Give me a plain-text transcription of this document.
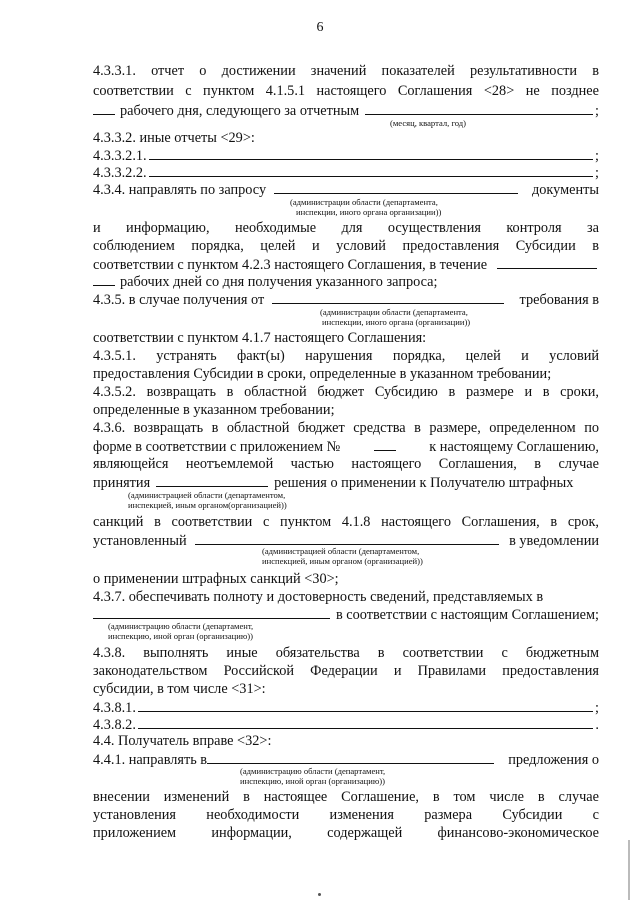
6
4.3.3.1. отчет о достижении значений показателей результативности в
соответствии с пунктом 4.1.5.1 настоящего Соглашения <28> не позднее
рабочего дня, следующего за отчетным	;
(месяц, квартал, год)
4.3.3.2. иные отчеты <29>:
4.3.3.2.1.	;
4.3.3.2.2.	;
4.3.4. направлять по запросу	документы
(администрации области (департамента,
инспекции, иного органа организации))
и информацию, необходимые для осуществления контроля за
соблюдением порядка, целей и условий предоставления Субсидии в
соответствии с пунктом 4.2.3 настоящего Соглашения, в течение
рабочих дней со дня получения указанного запроса;
4.3.5. в случае получения от	требования в
(администрации области (департамента,
инспекции, иного органа (организации))
соответствии с пунктом 4.1.7 настоящего Соглашения:
4.3.5.1. устранять факт(ы) нарушения порядка, целей и условий
предоставления Субсидии в сроки, определенные в указанном требовании;
4.3.5.2. возвращать в областной бюджет Субсидию в размере и в сроки,
определенные в указанном требовании;
4.3.6. возвращать в областной бюджет средства в размере, определенном по
форме в соответствии с приложением №	к настоящему Соглашению,
являющейся неотъемлемой частью настоящего Соглашения, в случае
принятия	решения о применении к Получателю штрафных
(администрацией области (департаментом,
инспекцией, иным органом(организацией))
санкций в соответствии с пунктом 4.1.8 настоящего Соглашения, в срок,
установленный	в уведомлении
(администрацией области (департаментом,
инспекцией, иным органом (организацией))
о применении штрафных санкций <30>;
4.3.7. обеспечивать полноту и достоверность сведений, представляемых в
в соответствии с настоящим Соглашением;
(администрацию области (департамент,
инспекцию, иной орган (организацию))
4.3.8. выполнять иные обязательства в соответствии с бюджетным
законодательством Российской Федерации и Правилами предоставления
субсидии, в том числе <31>:
4.3.8.1.	;
4.3.8.2.	.
4.4. Получатель вправе <32>:
4.4.1. направлять в	предложения о
(администрацию области (департамент,
инспекцию, иной орган (организацию))
внесении изменений в настоящее Соглашение, в том числе в случае
установления необходимости изменения размера Субсидии с
приложением информации, содержащей финансово-экономическое
